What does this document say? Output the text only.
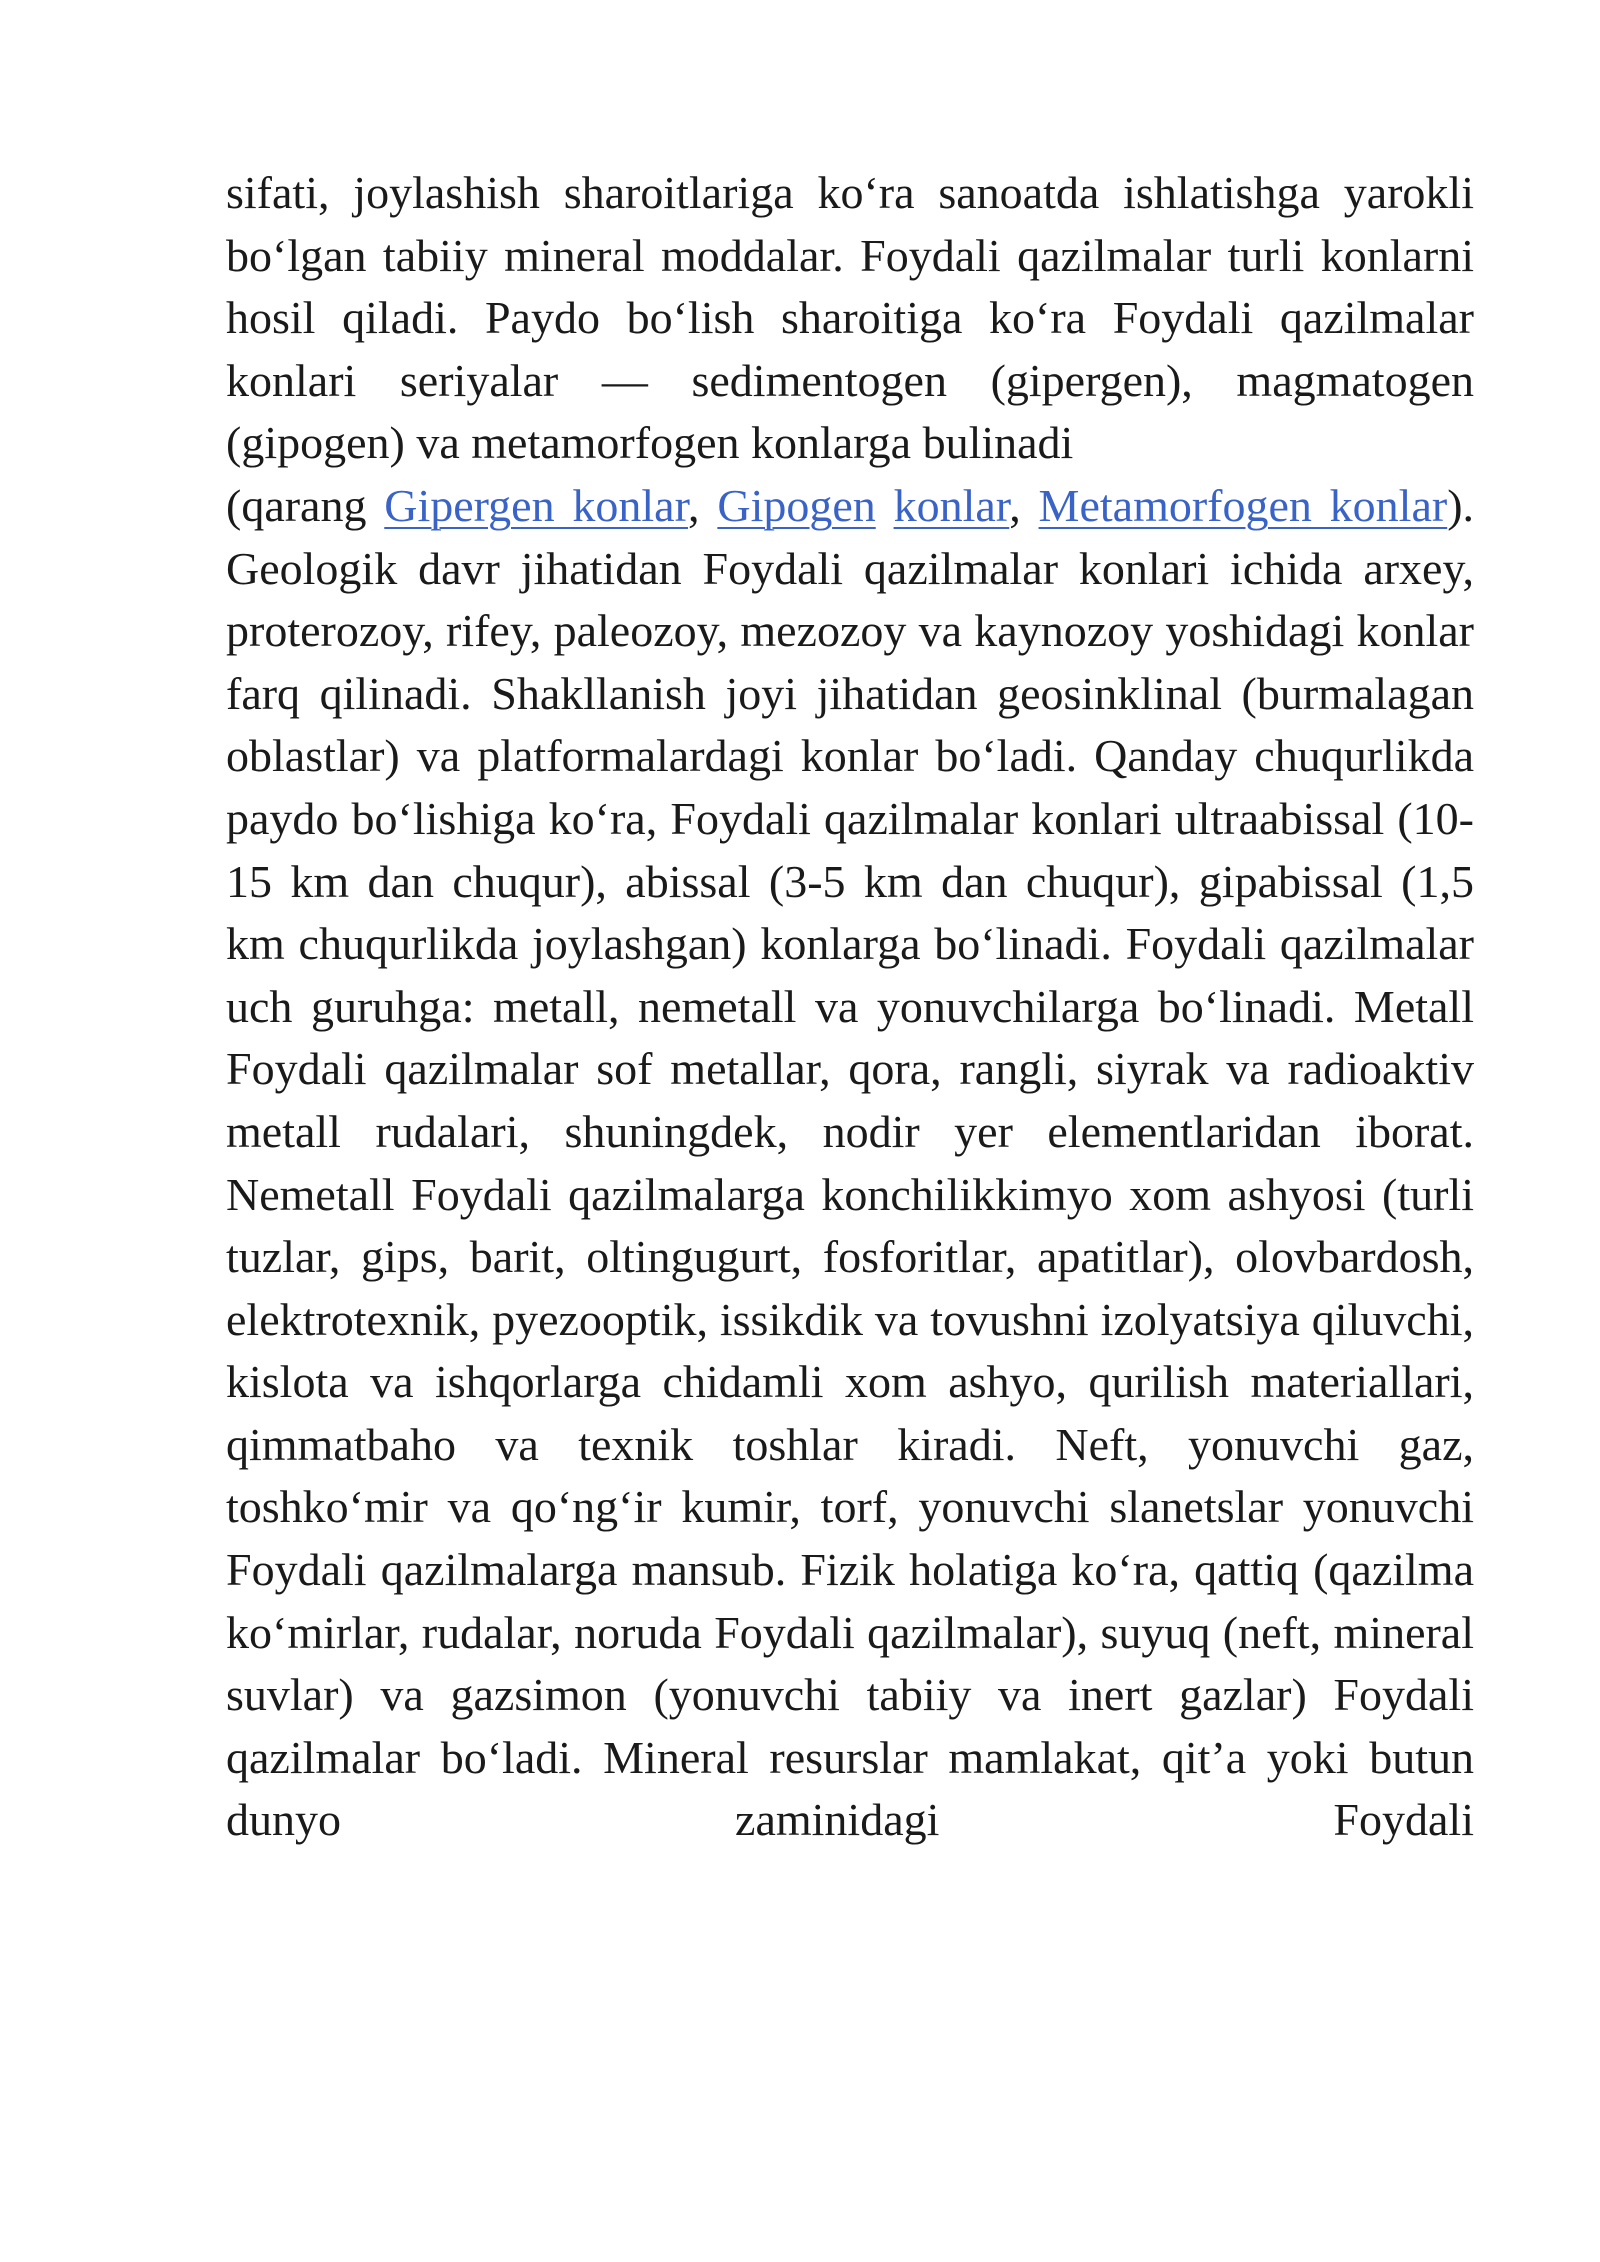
sifati, joylashish sharoitlariga ko‘ra sanoatda ishlatishga yarokli bo‘lgan tabiiy mineral moddalar. Foydali qazilmalar turli konlarni hosil qiladi. Paydo bo‘lish sharoitiga ko‘ra Foydali qazilmalar konlari seriyalar — sedimentogen (gipergen), magmatogen (gipogen) va metamorfogen konlarga bulinadi

(qarang Gipergen konlar, Gipogen konlar, Metamorfogen konlar). Geologik davr jihatidan Foydali qazilmalar konlari ichida arxey, proterozoy, rifey, paleozoy, mezozoy va kaynozoy yoshidagi konlar farq qilinadi. Shakllanish joyi jihatidan geosinklinal (burmalagan oblastlar) va platformalardagi konlar bo‘ladi. Qanday chuqurlikda paydo bo‘lishiga ko‘ra, Foydali qazilmalar konlari ultraabissal (10-15 km dan chuqur), abissal (3-5 km dan chuqur), gipabissal (1,5 km chuqurlikda joylashgan) konlarga bo‘linadi. Foydali qazilmalar uch guruhga: metall, nemetall va yonuvchilarga bo‘linadi. Metall Foydali qazilmalar sof metallar, qora, rangli, siyrak va radioaktiv metall rudalari, shuningdek, nodir yer elementlaridan iborat. Nemetall Foydali qazilmalarga konchilikkimyo xom ashyosi (turli tuzlar, gips, barit, oltingugurt, fosforitlar, apatitlar), olovbardosh, elektrotexnik, pyezooptik, issikdik va tovushni izolyatsiya qiluvchi, kislota va ishqorlarga chidamli xom ashyo, qurilish materiallari, qimmatbaho va texnik toshlar kiradi. Neft, yonuvchi gaz, toshko‘mir va qo‘ng‘ir kumir, torf, yonuvchi slanetslar yonuvchi Foydali qazilmalarga mansub. Fizik holatiga ko‘ra, qattiq (qazilma ko‘mirlar, rudalar, noruda Foydali qazilmalar), suyuq (neft, mineral suvlar) va gazsimon (yonuvchi tabiiy va inert gazlar) Foydali qazilmalar bo‘ladi. Mineral resurslar mamlakat, qit’a yoki butun dunyo zaminidagi Foydali
